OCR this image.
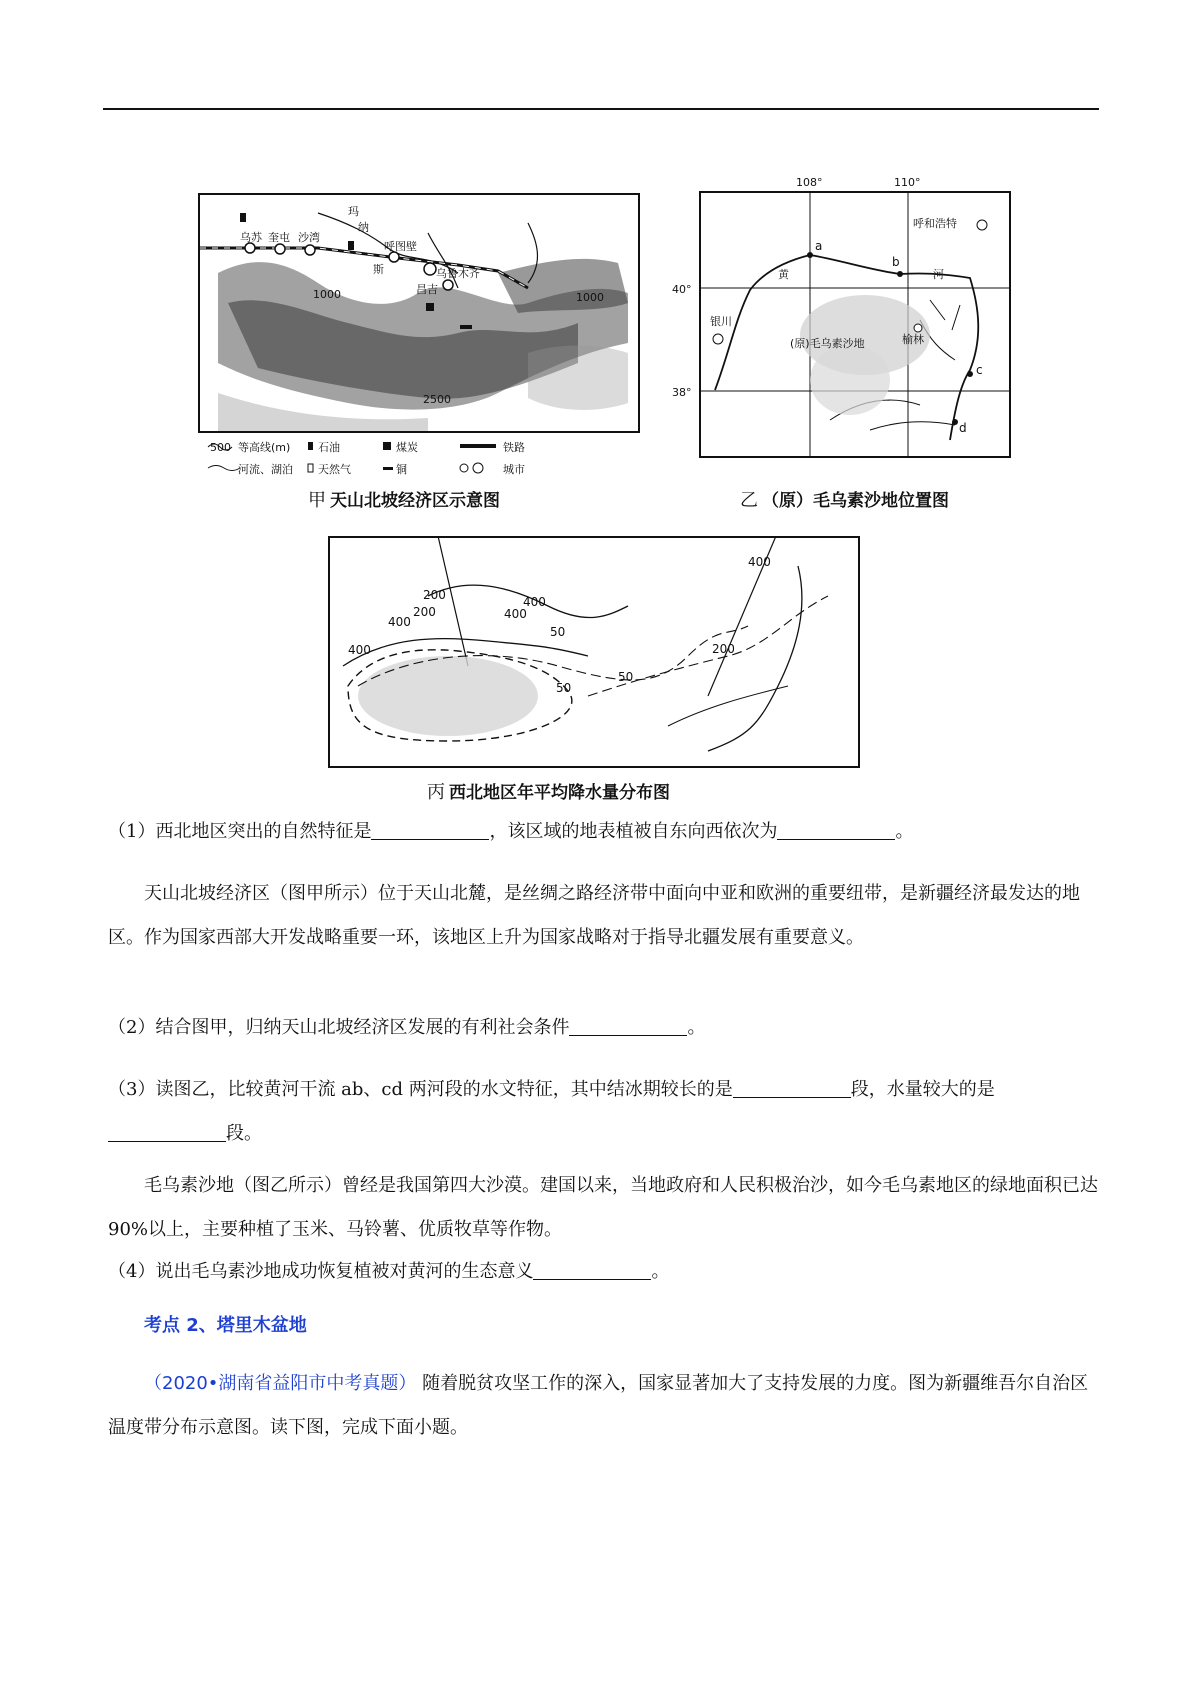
玛
纳
乌苏 奎屯 沙湾
呼图壁
斯	乌鲁木齐
昌吉
1000	1000
2500
500 等高线(m)	石油	煤炭	铁路
河流、湖泊 天然气	铜	城市
甲 天山北坡经济区示意图
108°	110°
40°
38°
a
b
c
d
呼和浩特
银川
榆林
(原)毛乌素沙地
黄	河
乙 （原）毛乌素沙地位置图
200	400
200
400
400
50
400
50
50
200
400
丙 西北地区年平均降水量分布图
（1）西北地区突出的自然特征是	，该区域的地表植被自东向西依次为	。
天山北坡经济区（图甲所示）位于天山北麓，是丝绸之路经济带中面向中亚和欧洲的重要纽带，是新疆经济最发达的地区。作为国家西部大开发战略重要一环，该地区上升为国家战略对于指导北疆发展有重要意义。
（2）结合图甲，归纳天山北坡经济区发展的有利社会条件	。
（3）读图乙，比较黄河干流 ab、cd 两河段的水文特征，其中结冰期较长的是	段，水量较大的是段。
毛乌素沙地（图乙所示）曾经是我国第四大沙漠。建国以来，当地政府和人民积极治沙，如今毛乌素地区的绿地面积已达 90%以上，主要种植了玉米、马铃薯、优质牧草等作物。
（4）说出毛乌素沙地成功恢复植被对黄河的生态意义	。
考点 2、塔里木盆地
（2020•湖南省益阳市中考真题） 随着脱贫攻坚工作的深入，国家显著加大了支持发展的力度。图为新疆维吾尔自治区温度带分布示意图。读下图，完成下面小题。
